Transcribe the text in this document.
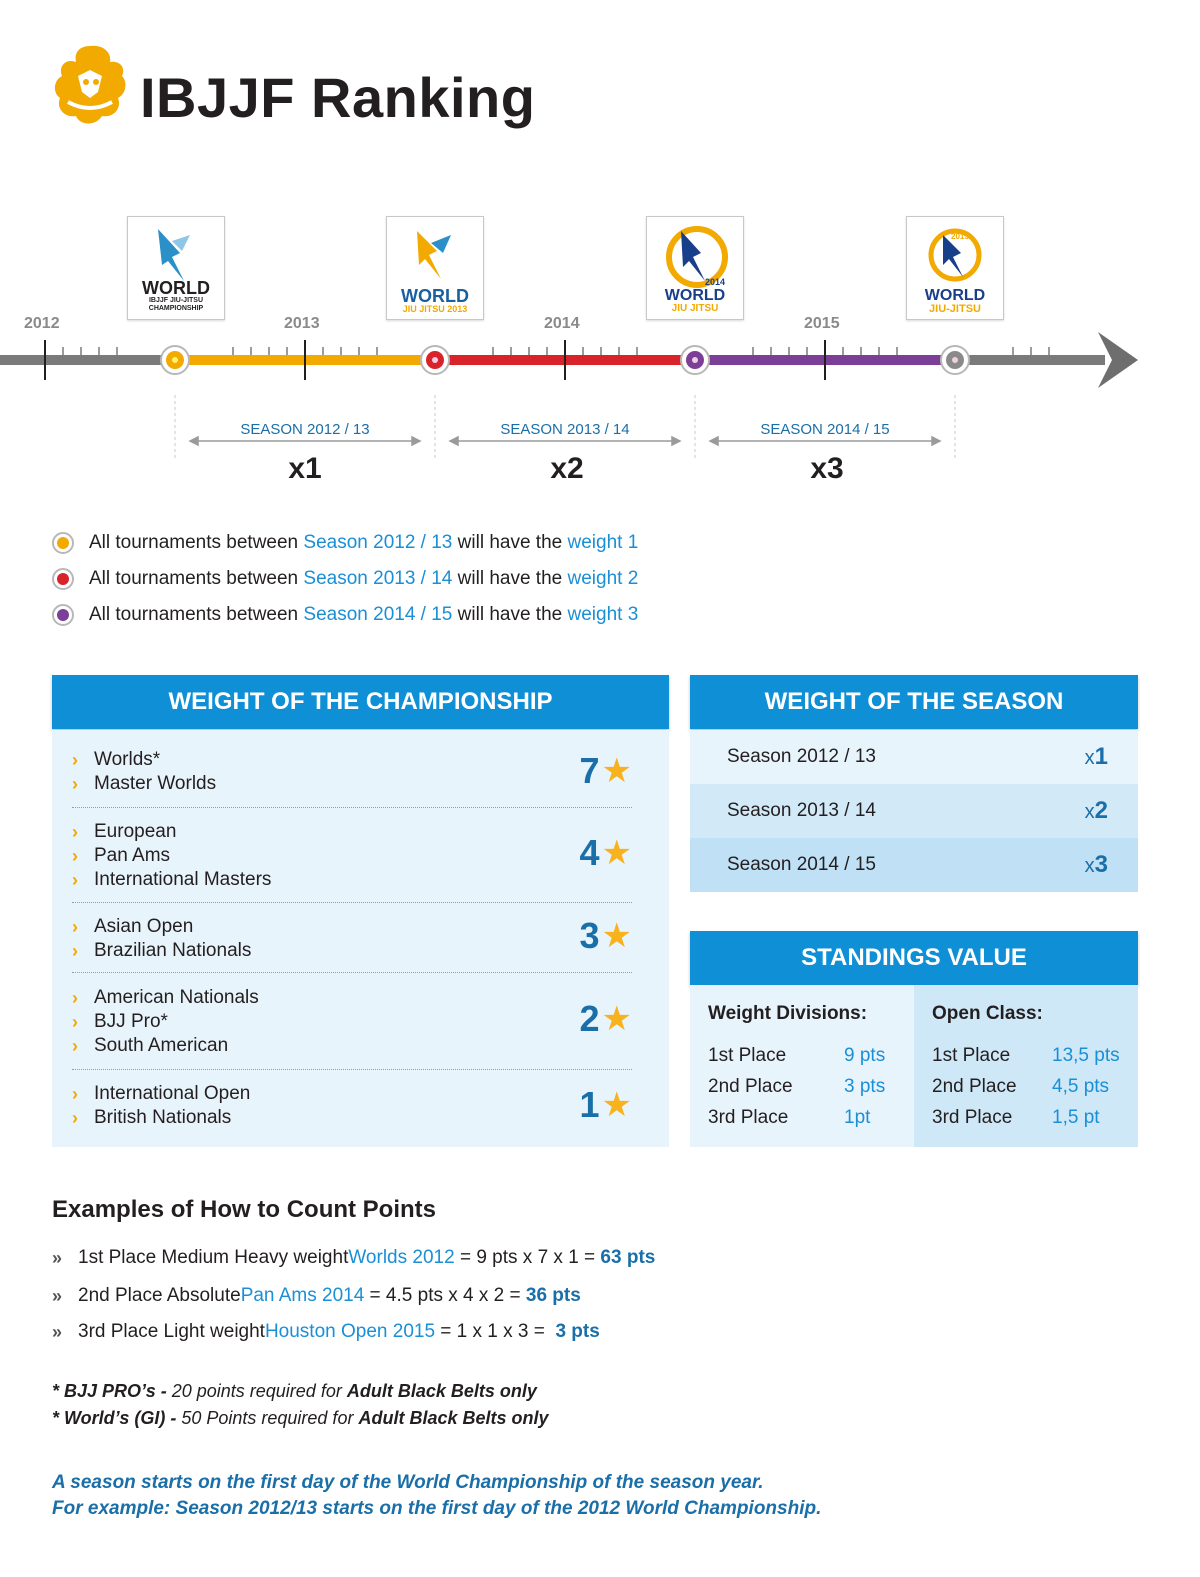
IBJJF Ranking
2012	2013	2014	2015
WORLD
IBJJF JIU-JITSU CHAMPIONSHIP
WORLD
JIU JITSU 2013
2014
WORLD
JIU JITSU
2015
WORLD
JIU-JITSU
SEASON 2012 / 13	SEASON 2013 / 14	SEASON 2014 / 15
x1	x2	x3
All tournaments between Season 2012 / 13 will have the weight 1
All tournaments between Season 2013 / 14 will have the weight 2
All tournaments between Season 2014 / 15 will have the weight 3
WEIGHT OF THE CHAMPIONSHIP
› Worlds*
› Master Worlds	7 ★
› European
› Pan Ams
› International Masters
4 ★
› Asian Open
› Brazilian Nationals	3 ★
› American Nationals
› BJJ Pro*
› South American
2 ★
› International Open
› British Nationals	1 ★
WEIGHT OF THE SEASON
Season 2012 / 13	x1
Season 2013 / 14	x2
Season 2014 / 15	x3
STANDINGS VALUE
Weight Divisions:
1st Place	9 pts
2nd Place	3 pts
3rd Place	1pt
Open Class:
1st Place 13,5 pts
2nd Place 4,5 pts
3rd Place 1,5 pt
Examples of How to Count Points
» 1st Place Medium Heavy weight Worlds 2012 = 9 pts x 7 x 1 = 63 pts
» 2nd Place Absolute Pan Ams 2014 = 4.5 pts x 4 x 2 = 36 pts
» 3rd Place Light weight Houston Open 2015 = 1 x 1 x 3 = 3 pts
* BJJ PRO’s - 20 points required for Adult Black Belts only
* World’s (GI) - 50 Points required for Adult Black Belts only
A season starts on the first day of the World Championship of the season year.
For example: Season 2012/13 starts on the first day of the 2012 World Championship.
